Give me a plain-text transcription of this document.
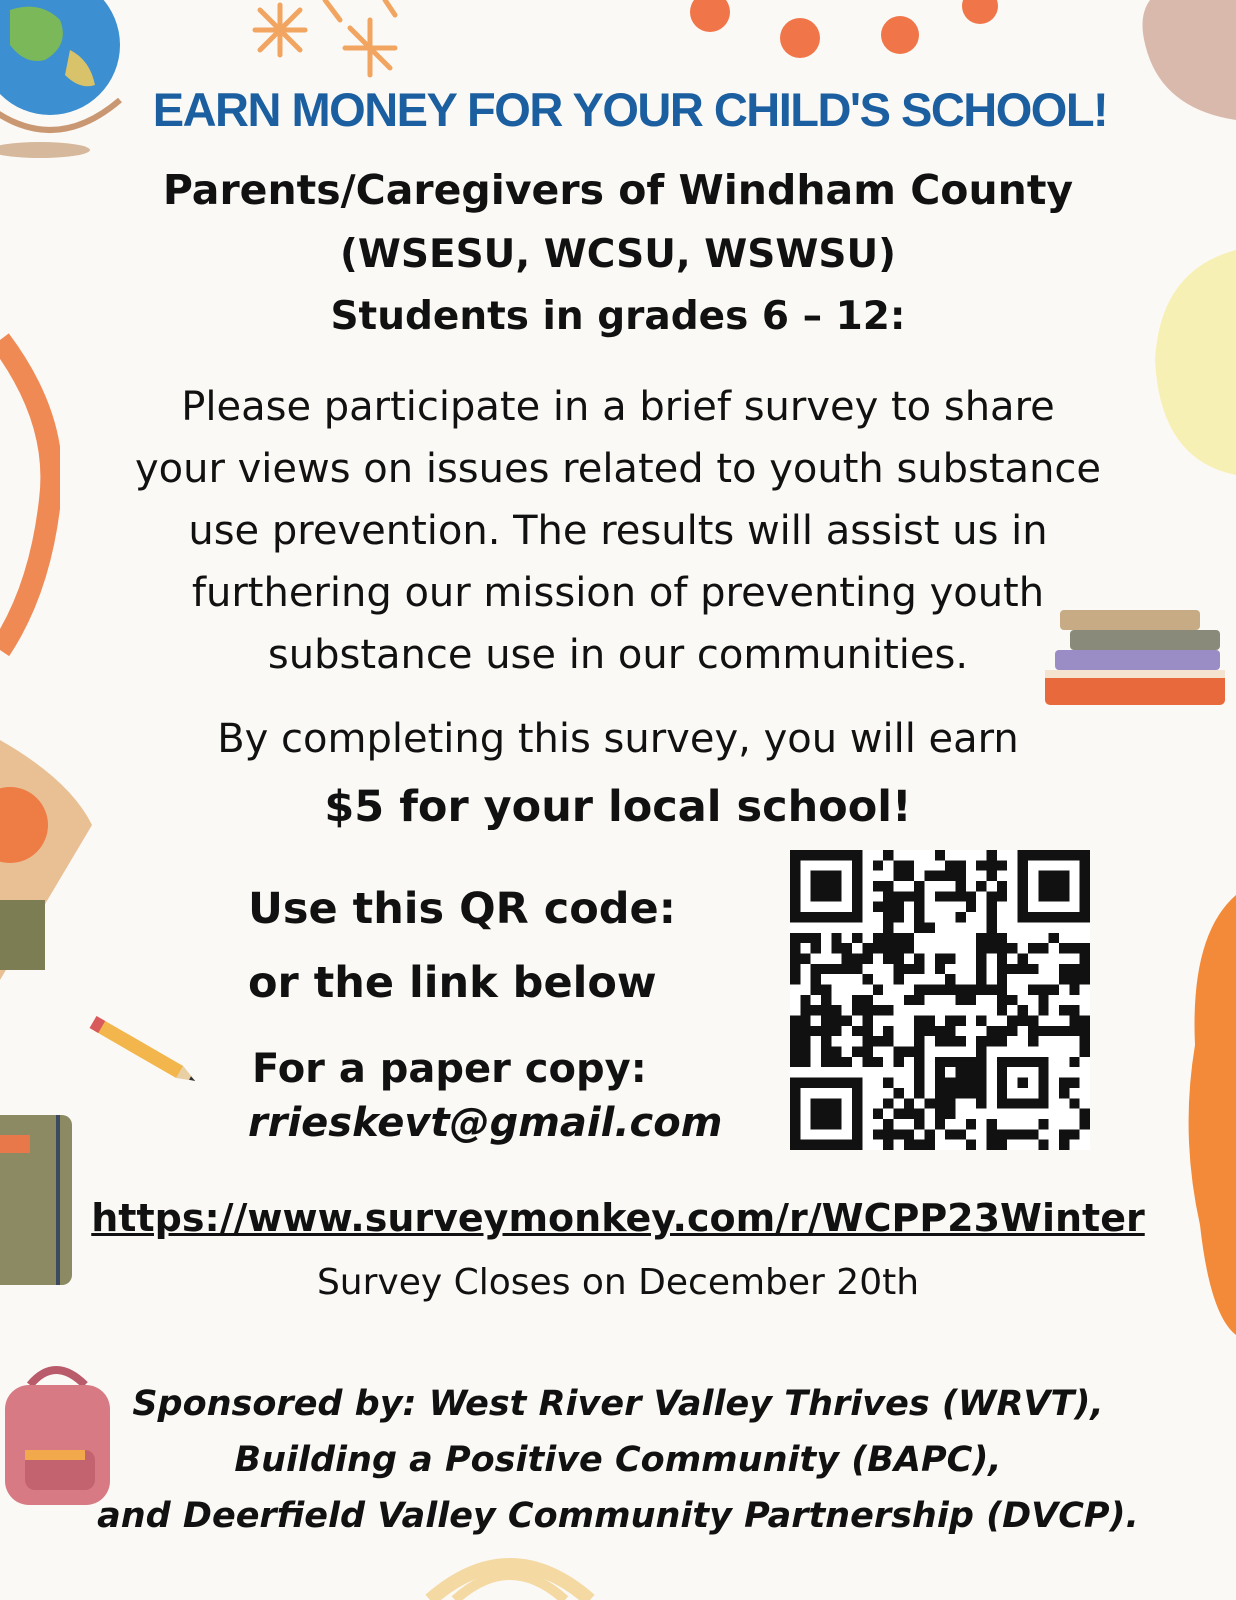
EARN MONEY FOR YOUR CHILD'S SCHOOL!
Parents/Caregivers of Windham County
(WSESU, WCSU, WSWSU)
Students in grades 6 – 12:
Please participate in a brief survey to share
your views on issues related to youth substance
use prevention. The results will assist us in
furthering our mission of preventing youth
substance use in our communities.
By completing this survey, you will earn
$5 for your local school!
Use this QR code:
or the link below
For a paper copy:
rrieskevt@gmail.com
https://www.surveymonkey.com/r/WCPP23Winter
Survey Closes on December 20th
Sponsored by: West River Valley Thrives (WRVT),
Building a Positive Community (BAPC),
and Deerfield Valley Community Partnership (DVCP).
